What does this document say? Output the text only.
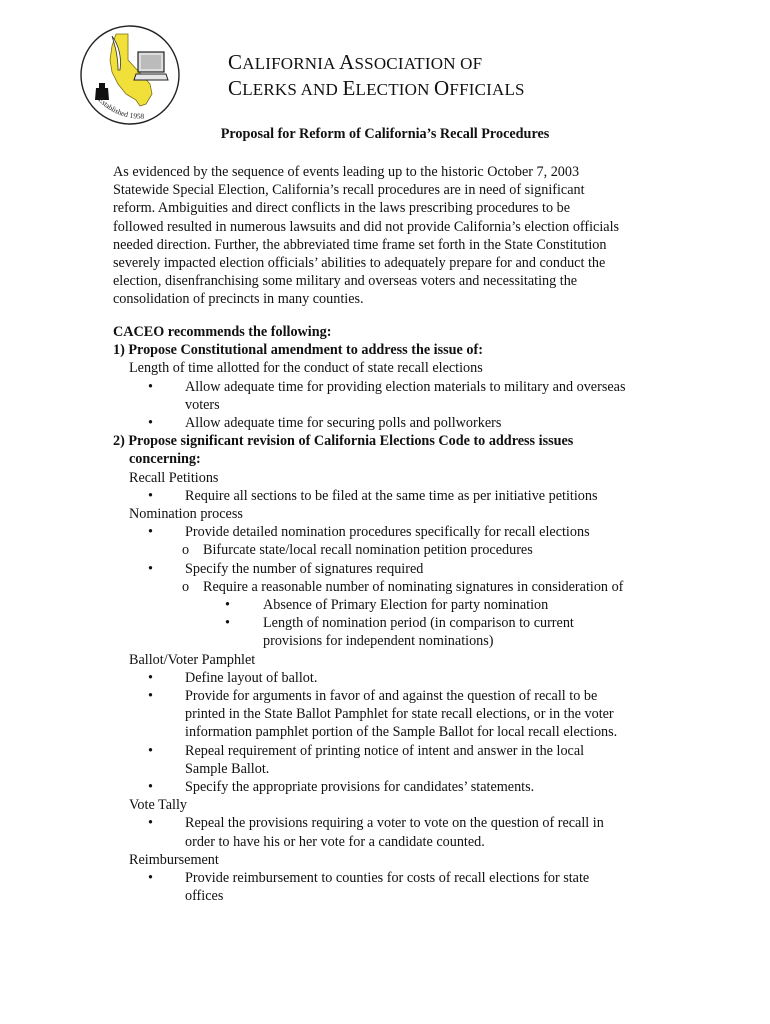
Established 1958
CALIFORNIA ASSOCIATION OF
CLERKS AND ELECTION OFFICIALS
Proposal for Reform of California’s Recall Procedures
As evidenced by the sequence of events leading up to the historic October 7, 2003
Statewide Special Election, California’s recall procedures are in need of significant
reform. Ambiguities and direct conflicts in the laws prescribing procedures to be
followed resulted in numerous lawsuits and did not provide California’s election officials
needed direction. Further, the abbreviated time frame set forth in the State Constitution
severely impacted election officials’ abilities to adequately prepare for and conduct the
election, disenfranchising some military and overseas voters and necessitating the
consolidation of precincts in many counties.
CACEO recommends the following:
1) Propose Constitutional amendment to address the issue of:
Length of time allotted for the conduct of state recall elections
• Allow adequate time for providing election materials to military and overseas
voters
• Allow adequate time for securing polls and pollworkers
2) Propose significant revision of California Elections Code to address issues
concerning:
Recall Petitions
• Require all sections to be filed at the same time as per initiative petitions
Nomination process
• Provide detailed nomination procedures specifically for recall elections
o Bifurcate state/local recall nomination petition procedures
• Specify the number of signatures required
o Require a reasonable number of nominating signatures in consideration of
• Absence of Primary Election for party nomination
• Length of nomination period (in comparison to current
provisions for independent nominations)
Ballot/Voter Pamphlet
• Define layout of ballot.
• Provide for arguments in favor of and against the question of recall to be
printed in the State Ballot Pamphlet for state recall elections, or in the voter
information pamphlet portion of the Sample Ballot for local recall elections.
• Repeal requirement of printing notice of intent and answer in the local
Sample Ballot.
• Specify the appropriate provisions for candidates’ statements.
Vote Tally
• Repeal the provisions requiring a voter to vote on the question of recall in
order to have his or her vote for a candidate counted.
Reimbursement
• Provide reimbursement to counties for costs of recall elections for state
offices
